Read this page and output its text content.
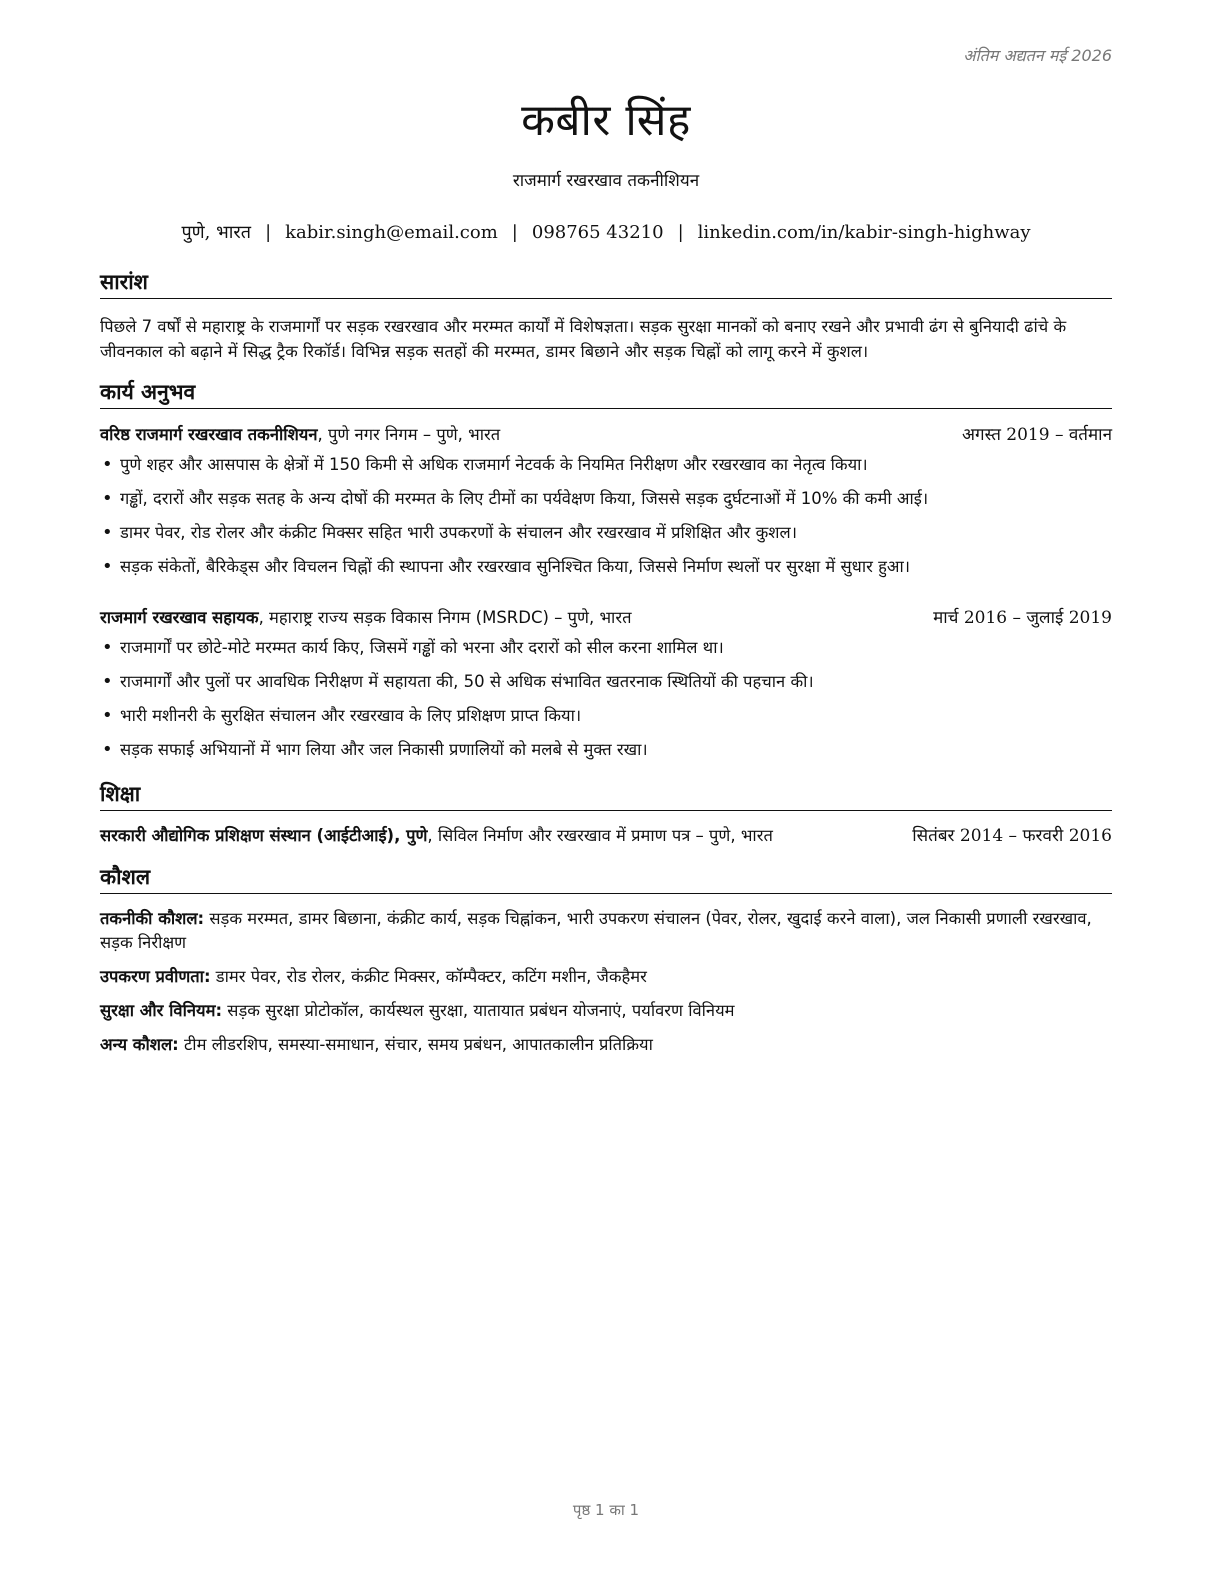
अंतिम अद्यतन मई 2026
कबीर सिंह
राजमार्ग रखरखाव तकनीशियन
पुणे, भारत | kabir.singh@email.com | 098765 43210 | linkedin.com/in/kabir-singh-highway
सारांश
पिछले 7 वर्षों से महाराष्ट्र के राजमार्गों पर सड़क रखरखाव और मरम्मत कार्यों में विशेषज्ञता। सड़क सुरक्षा मानकों को बनाए रखने और प्रभावी ढंग से बुनियादी ढांचे के जीवनकाल को बढ़ाने में सिद्ध ट्रैक रिकॉर्ड। विभिन्न सड़क सतहों की मरम्मत, डामर बिछाने और सड़क चिह्नों को लागू करने में कुशल।
कार्य अनुभव
वरिष्ठ राजमार्ग रखरखाव तकनीशियन, पुणे नगर निगम – पुणे, भारत	अगस्त 2019 – वर्तमान
• पुणे शहर और आसपास के क्षेत्रों में 150 किमी से अधिक राजमार्ग नेटवर्क के नियमित निरीक्षण और रखरखाव का नेतृत्व किया।
• गड्ढों, दरारों और सड़क सतह के अन्य दोषों की मरम्मत के लिए टीमों का पर्यवेक्षण किया, जिससे सड़क दुर्घटनाओं में 10% की कमी आई।
• डामर पेवर, रोड रोलर और कंक्रीट मिक्सर सहित भारी उपकरणों के संचालन और रखरखाव में प्रशिक्षित और कुशल।
• सड़क संकेतों, बैरिकेड्स और विचलन चिह्नों की स्थापना और रखरखाव सुनिश्चित किया, जिससे निर्माण स्थलों पर सुरक्षा में सुधार हुआ।
राजमार्ग रखरखाव सहायक, महाराष्ट्र राज्य सड़क विकास निगम (MSRDC) – पुणे, भारत	मार्च 2016 – जुलाई 2019
• राजमार्गों पर छोटे-मोटे मरम्मत कार्य किए, जिसमें गड्ढों को भरना और दरारों को सील करना शामिल था।
• राजमार्गों और पुलों पर आवधिक निरीक्षण में सहायता की, 50 से अधिक संभावित खतरनाक स्थितियों की पहचान की।
• भारी मशीनरी के सुरक्षित संचालन और रखरखाव के लिए प्रशिक्षण प्राप्त किया।
• सड़क सफाई अभियानों में भाग लिया और जल निकासी प्रणालियों को मलबे से मुक्त रखा।
शिक्षा
सरकारी औद्योगिक प्रशिक्षण संस्थान (आईटीआई), पुणे, सिविल निर्माण और रखरखाव में प्रमाण पत्र – पुणे, भारत	सितंबर 2014 – फरवरी 2016
कौशल
तकनीकी कौशल: सड़क मरम्मत, डामर बिछाना, कंक्रीट कार्य, सड़क चिह्नांकन, भारी उपकरण संचालन (पेवर, रोलर, खुदाई करने वाला), जल निकासी प्रणाली रखरखाव, सड़क निरीक्षण
उपकरण प्रवीणता: डामर पेवर, रोड रोलर, कंक्रीट मिक्सर, कॉम्पैक्टर, कटिंग मशीन, जैकहैमर
सुरक्षा और विनियम: सड़क सुरक्षा प्रोटोकॉल, कार्यस्थल सुरक्षा, यातायात प्रबंधन योजनाएं, पर्यावरण विनियम
अन्य कौशल: टीम लीडरशिप, समस्या-समाधान, संचार, समय प्रबंधन, आपातकालीन प्रतिक्रिया
पृष्ठ 1 का 1
